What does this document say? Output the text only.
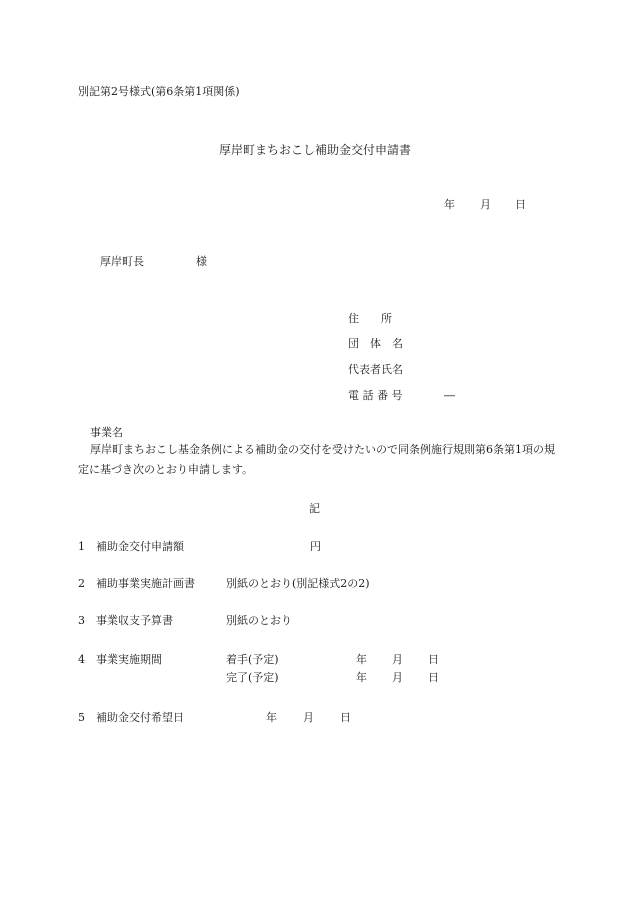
別記第2号様式(第6条第1項関係)
厚岸町まちおこし補助金交付申請書
年 月 日
厚岸町長	様
住　　所
団　体　名
代表者氏名
電 話 番 号	―
事業名
厚岸町まちおこし基金条例による補助金の交付を受けたいので同条例施行規則第6条第1項の規定に基づき次のとおり申請します。
記
1 補助金交付申請額	円
2 補助事業実施計画書	別紙のとおり(別記様式2の2)
3 事業収支予算書	別紙のとおり
4 事業実施期間	着手(予定)	年 月 日
完了(予定)	年 月 日
5 補助金交付希望日	年 月 日
